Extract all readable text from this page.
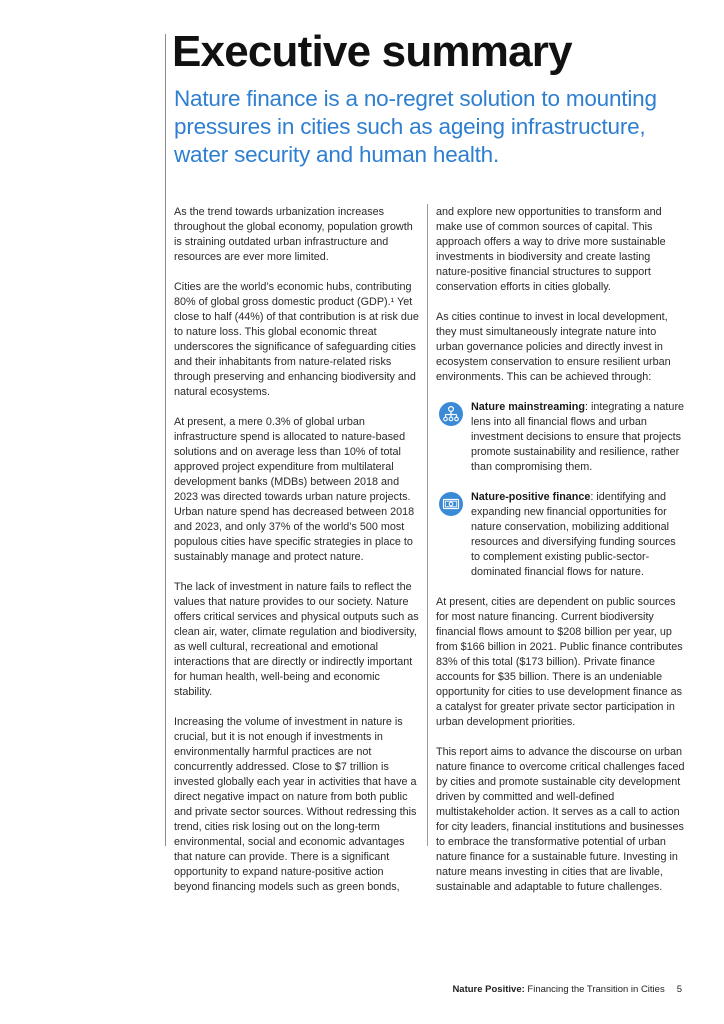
Executive summary
Nature finance is a no-regret solution to mounting pressures in cities such as ageing infrastructure, water security and human health.

As the trend towards urbanization increases throughout the global economy, population growth is straining outdated urban infrastructure and resources are ever more limited.

Cities are the world’s economic hubs, contributing 80% of global gross domestic product (GDP).¹ Yet close to half (44%) of that contribution is at risk due to nature loss. This global economic threat underscores the significance of safeguarding cities and their inhabitants from nature-related risks through preserving and enhancing biodiversity and natural ecosystems.

At present, a mere 0.3% of global urban infrastructure spend is allocated to nature-based solutions and on average less than 10% of total approved project expenditure from multilateral development banks (MDBs) between 2018 and 2023 was directed towards urban nature projects. Urban nature spend has decreased between 2018 and 2023, and only 37% of the world’s 500 most populous cities have specific strategies in place to sustainably manage and protect nature.

The lack of investment in nature fails to reflect the values that nature provides to our society. Nature offers critical services and physical outputs such as clean air, water, climate regulation and biodiversity, as well cultural, recreational and emotional interactions that are directly or indirectly important for human health, well-being and economic stability.

Increasing the volume of investment in nature is crucial, but it is not enough if investments in environmentally harmful practices are not concurrently addressed. Close to $7 trillion is invested globally each year in activities that have a direct negative impact on nature from both public and private sector sources. Without redressing this trend, cities risk losing out on the long-term environmental, social and economic advantages that nature can provide. There is a significant opportunity to expand nature-positive action beyond financing models such as green bonds,

and explore new opportunities to transform and make use of common sources of capital. This approach offers a way to drive more sustainable investments in biodiversity and create lasting nature-positive financial structures to support conservation efforts in cities globally.

As cities continue to invest in local development, they must simultaneously integrate nature into urban governance policies and directly invest in ecosystem conservation to ensure resilient urban environments. This can be achieved through:

Nature mainstreaming: integrating a nature lens into all financial flows and urban investment decisions to ensure that projects promote sustainability and resilience, rather than compromising them.
Nature-positive finance: identifying and expanding new financial opportunities for nature conservation, mobilizing additional resources and diversifying funding sources to complement existing public-sector-dominated financial flows for nature.

At present, cities are dependent on public sources for most nature financing. Current biodiversity financial flows amount to $208 billion per year, up from $166 billion in 2021. Public finance contributes 83% of this total ($173 billion). Private finance accounts for $35 billion. There is an undeniable opportunity for cities to use development finance as a catalyst for greater private sector participation in urban development priorities.

This report aims to advance the discourse on urban nature finance to overcome critical challenges faced by cities and promote sustainable city development driven by committed and well-defined multistakeholder action. It serves as a call to action for city leaders, financial institutions and businesses to embrace the transformative potential of urban nature finance for a sustainable future. Investing in nature means investing in cities that are livable, sustainable and adaptable to future challenges.

Nature Positive: Financing the Transition in Cities 5
